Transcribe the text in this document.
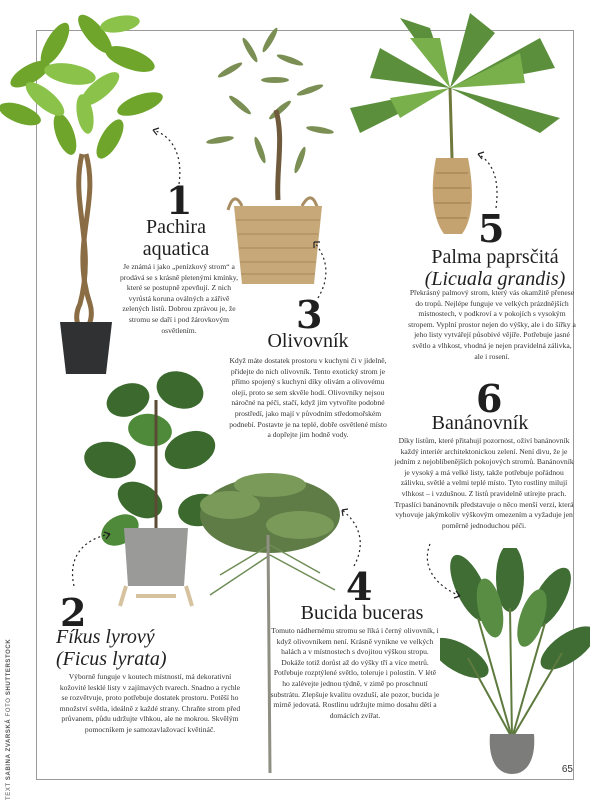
1
Pachira
aquatica
Je známá i jako „penízkový strom“ a prodává se s krásně pletenými kmínky, které se postupně zpevňují. Z nich vyrůstá koruna oválných a zářivě zelených listů. Dobrou zprávou je, že stromu se daří i pod žárovkovým osvětlením.	3
Olivovník
Když máte dostatek prostoru v kuchyni či v jídelně, přidejte do nich olivovník. Tento exotický strom je přímo spojený s kuchyní díky olivám a olivovému oleji, proto se sem skvěle hodí. Olivovníky nejsou náročné na péči, stačí, když jim vytvoříte podobné prostředí, jako mají v původním středomořském podnebí. Postavte je na teplé, dobře osvětlené místo a dopřejte jim hodně vody.
5
Palma paprsčitá
(Licuala grandis)
Překrásný palmový strom, který vás okamžitě přenese do tropů. Nejlépe funguje ve velkých prázdnějších místnostech, v podkroví a v pokojích s vysokým stropem. Vyplní prostor nejen do výšky, ale i do šířky a jeho listy vytvářejí působivé vějíře. Potřebuje jasné světlo a vlhkost, vhodná je nejen pravidelná zálivka, ale i rosení.
6
Banánovník
Díky listům, které přitahují pozornost, oživí banánovník každý interiér architektonickou zelení. Není divu, že je jedním z nejoblíbenějších pokojových stromů. Banánovník je vysoký a má velké listy, takže potřebuje pořádnou zálivku, světlé a velmi teplé místo. Tyto rostliny milují vlhkost – i vzdušnou. Z listů pravidelně utírejte prach. Trpaslíci banánovník představuje o něco menší verzi, která vyhovuje jakýmkoliv výškovým omezením a vyžaduje jen poměrně jednoduchou péči.
2
Fíkus lyrový
(Ficus lyrata)
Výborně funguje v koutech místností, má dekorativní kožovité lesklé listy v zajímavých tvarech. Snadno a rychle se rozvětvuje, proto potřebuje dostatek prostoru. Potěší ho množství světla, ideálně z každé strany. Chraňte strom před průvanem, půdu udržujte vlhkou, ale ne mokrou. Skvělým pomocníkem je samozavlažovací květináč.
4
Bucida buceras
Tomuto nádhernému stromu se říká i černý olivovník, i když olivovníkem není. Krásně vynikne ve velkých halách a v místnostech s dvojitou výškou stropu. Dokáže totiž dorůst až do výšky tří a více metrů. Potřebuje rozptýlené světlo, toleruje i polostín. V létě ho zalévejte jednou týdně, v zimě po proschnutí substrátu. Zlepšuje kvalitu ovzduší, ale pozor, bucida je mírně jedovatá. Rostlinu udržujte mimo dosahu dětí a domácích zvířat.
TEXT SABINA ZVARSKÁ FOTO SHUTTERSTOCK
65
